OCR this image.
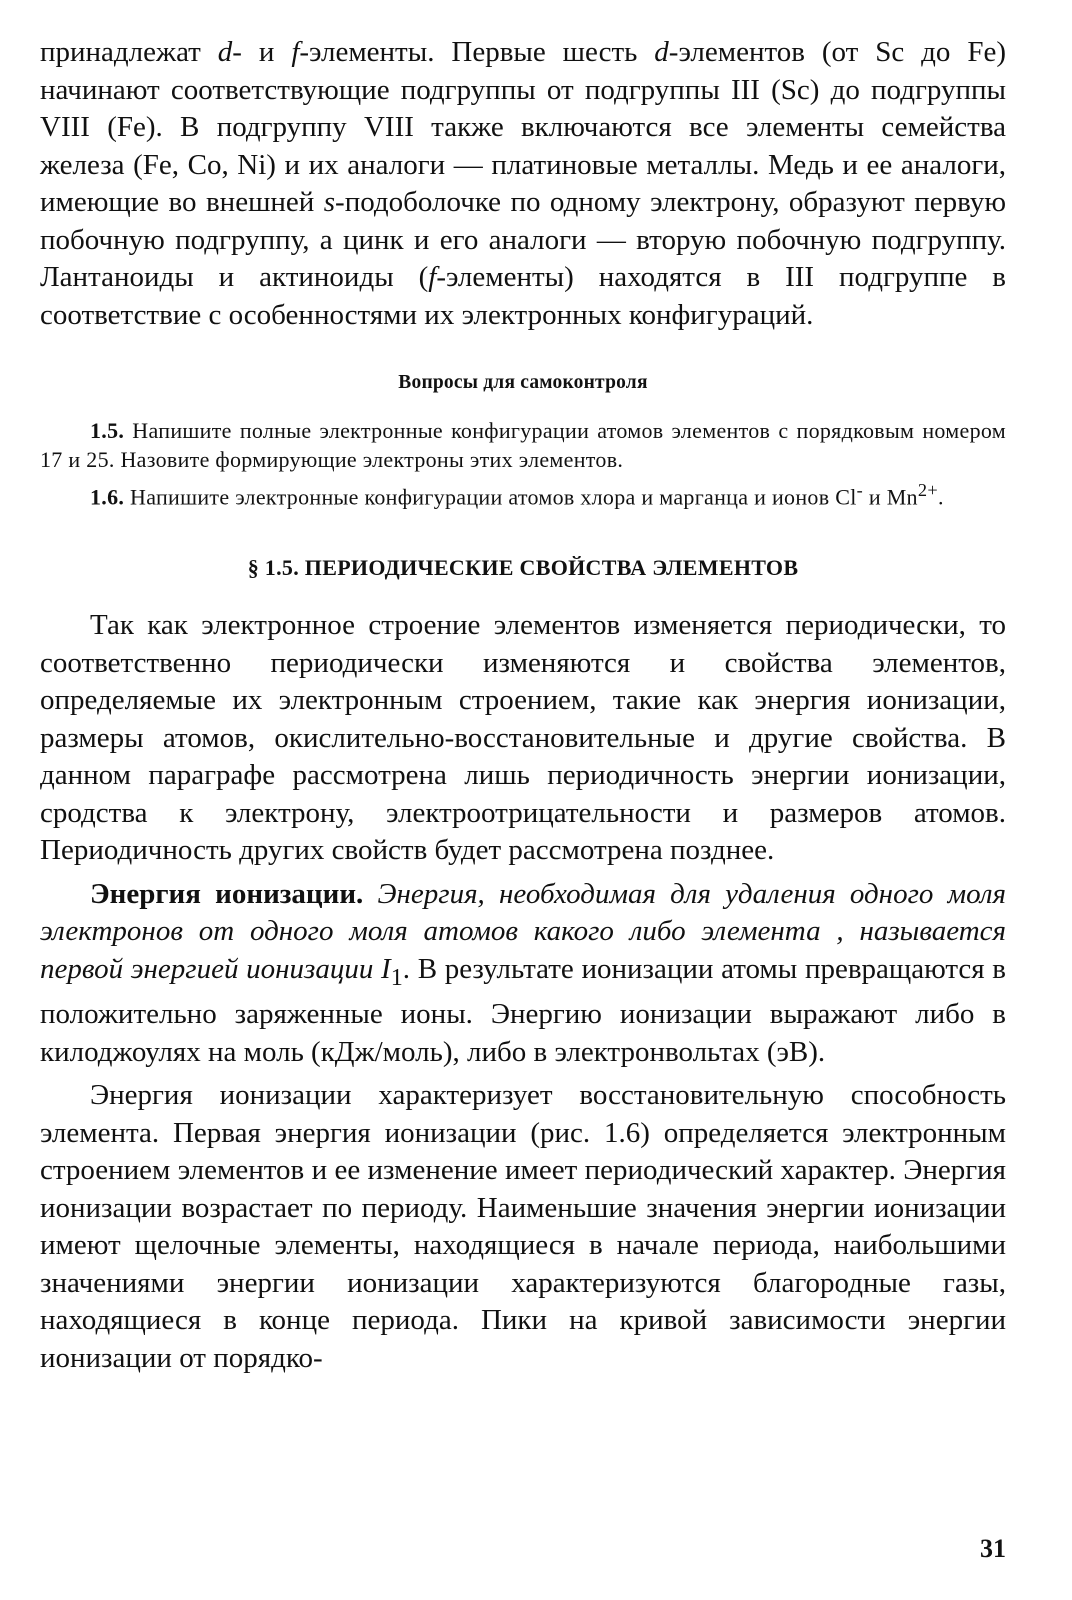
принадлежат d- и f-элементы. Первые шесть d-элементов (от Sc до Fe) начинают соответствующие подгруппы от подгруппы III (Sc) до подгруппы VIII (Fe). В подгруппу VIII также включаются все элементы семейства железа (Fe, Co, Ni) и их аналоги — платиновые металлы. Медь и ее аналоги, имеющие во внешней s-подоболочке по одному электрону, образуют первую побочную подгруппу, а цинк и его аналоги — вторую побочную подгруппу. Лантаноиды и актиноиды (f-элементы) находятся в III подгруппе в соответствие с особенностями их электронных конфигураций.

Вопросы для самоконтроля

1.5. Напишите полные электронные конфигурации атомов элементов с порядковым номером 17 и 25. Назовите формирующие электроны этих элементов.

1.6. Напишите электронные конфигурации атомов хлора и марганца и ионов Cl- и $Mn^{2+}$.

§ 1.5. ПЕРИОДИЧЕСКИЕ СВОЙСТВА ЭЛЕМЕНТОВ

Так как электронное строение элементов изменяется периодически, то соответственно периодически изменяются и свойства элементов, определяемые их электронным строением, такие как энергия ионизации, размеры атомов, окислительно-восстановительные и другие свойства. В данном параграфе рассмотрена лишь периодичность энергии ионизации, сродства к электрону, электроотрицательности и размеров атомов. Периодичность других свойств будет рассмотрена позднее.

Энергия ионизации. Энергия, необходимая для удаления одного моля электронов от одного моля атомов какого либо элемента , называется первой энергией ионизации $I_1$. В результате ионизации атомы превращаются в положительно заряженные ионы. Энергию ионизации выражают либо в килоджоулях на моль (кДж/моль), либо в электронвольтах (эВ).

Энергия ионизации характеризует восстановительную способность элемента. Первая энергия ионизации (рис. 1.6) определяется электронным строением элементов и ее изменение имеет периодический характер. Энергия ионизации возрастает по периоду. Наименьшие значения энергии ионизации имеют щелочные элементы, находящиеся в начале периода, наибольшими значениями энергии ионизации характеризуются благородные газы, находящиеся в конце периода. Пики на кривой зависимости энергии ионизации от порядко-

31
